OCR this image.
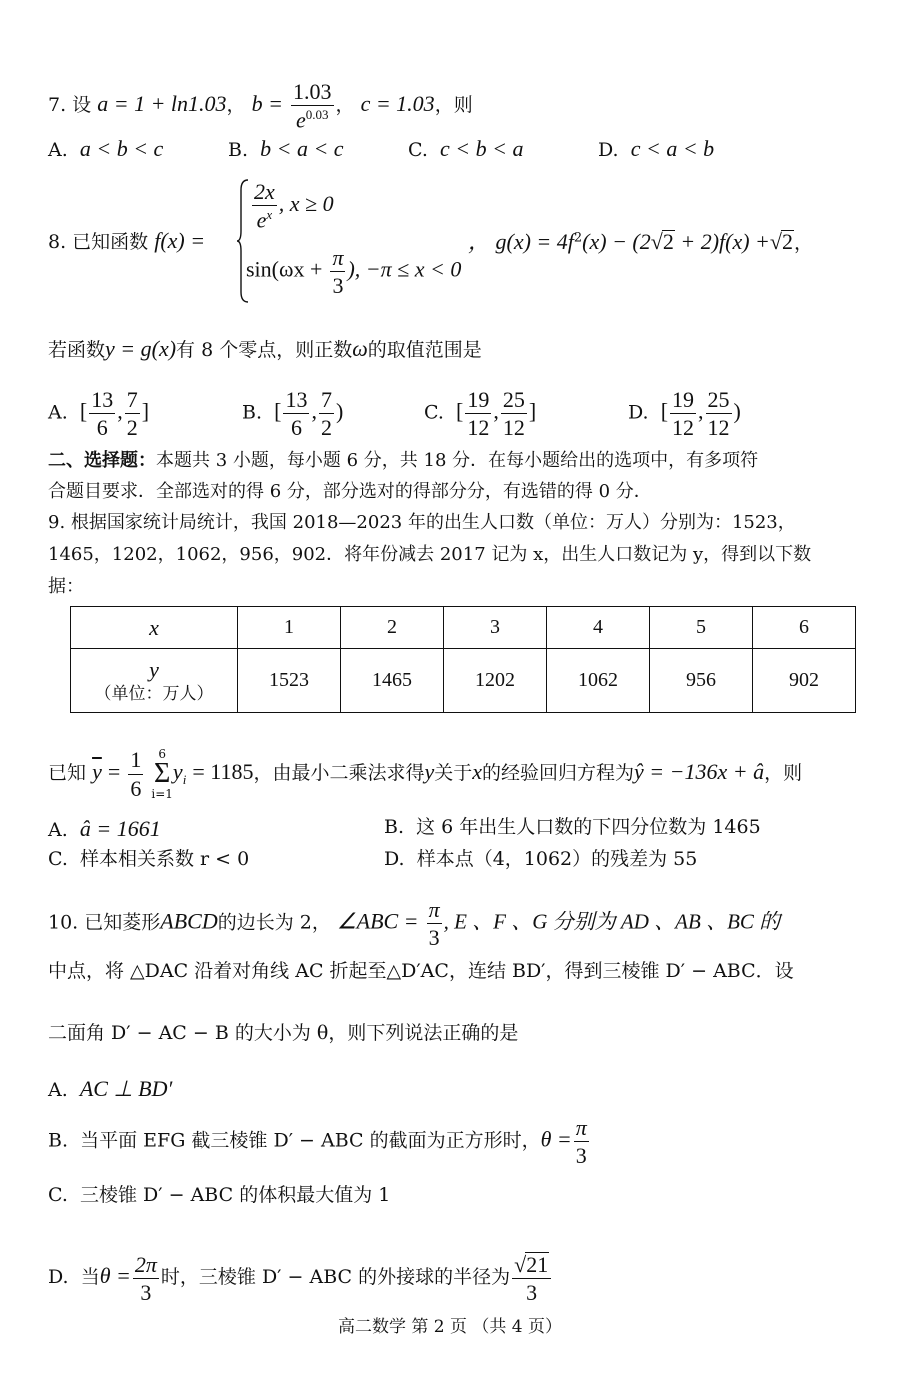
7. 设 a = 1 + ln1.03， $b = \frac{1.03}{e^{0.03}}$ ， c = 1.03，则
A. a < b < c	B. b < a < c	C. c < b < a	D. c < a < b
8. 已知函数 f(x) =
$\frac{2x}{e^x}$ , x ≥ 0
$\sin(\omega x + \frac{\pi}{3}$ ), −π ≤ x < 0
， $g(x) = 4f^2(x) - (2√2 + 2)f(x) +√2$，
若函数y = g(x)有 8 个零点，则正数ω的取值范围是
A. [ $\frac{13}{6}$ , $\frac{7}{2}$ ]	B. [ $\frac{13}{6}$ , $\frac{7}{2}$ )	C. [ $\frac{19}{12}$ , $\frac{25}{12}$ ]	D. [ $\frac{19}{12}$ , $\frac{25}{12}$ )
二、选择题：本题共 3 小题，每小题 6 分，共 18 分．在每小题给出的选项中，有多项符
合题目要求．全部选对的得 6 分，部分选对的得部分分，有选错的得 0 分．
9. 根据国家统计局统计，我国 2018—2023 年的出生人口数（单位：万人）分别为：1523，
1465，1202，1062，956，902．将年份减去 2017 记为 x，出生人口数记为 y，得到以下数
据：
x	1	2	3	4	5	6

y
（单位：万人）	1523	1465	1202	1062	956	902
已知 $\overline{y} = \frac{1}{6}$
6
Σ
i=1
$y_i = 1185$，由最小二乘法求得y关于x的经验回归方程为ŷ = −136x + â，则
A. â = 1661	B. 这 6 年出生人口数的下四分位数为 1465
C. 样本相关系数 r < 0	D. 样本点（4，1062）的残差为 55
10. 已知菱形ABCD的边长为 2， ∠ABC = $\frac{\pi}{3}$ , E 、F 、G 分别为 AD 、AB 、BC 的
中点，将 △DAC 沿着对角线 AC 折起至△D′AC，连结 BD′，得到三棱锥 D′ − ABC．设
二面角 D′ − AC − B 的大小为 θ，则下列说法正确的是
A. AC ⊥ BD′
B. 当平面 EFG 截三棱锥 D′ − ABC 的截面为正方形时，$\theta = \frac{\pi}{3}$
C. 三棱锥 D′ − ABC 的体积最大值为 1
D. 当$\theta = \frac{2\pi}{3}$ 时，三棱锥 D′ − ABC 的外接球的半径为 $\frac{√21}{3}$
高二数学 第 2 页 （共 4 页）
